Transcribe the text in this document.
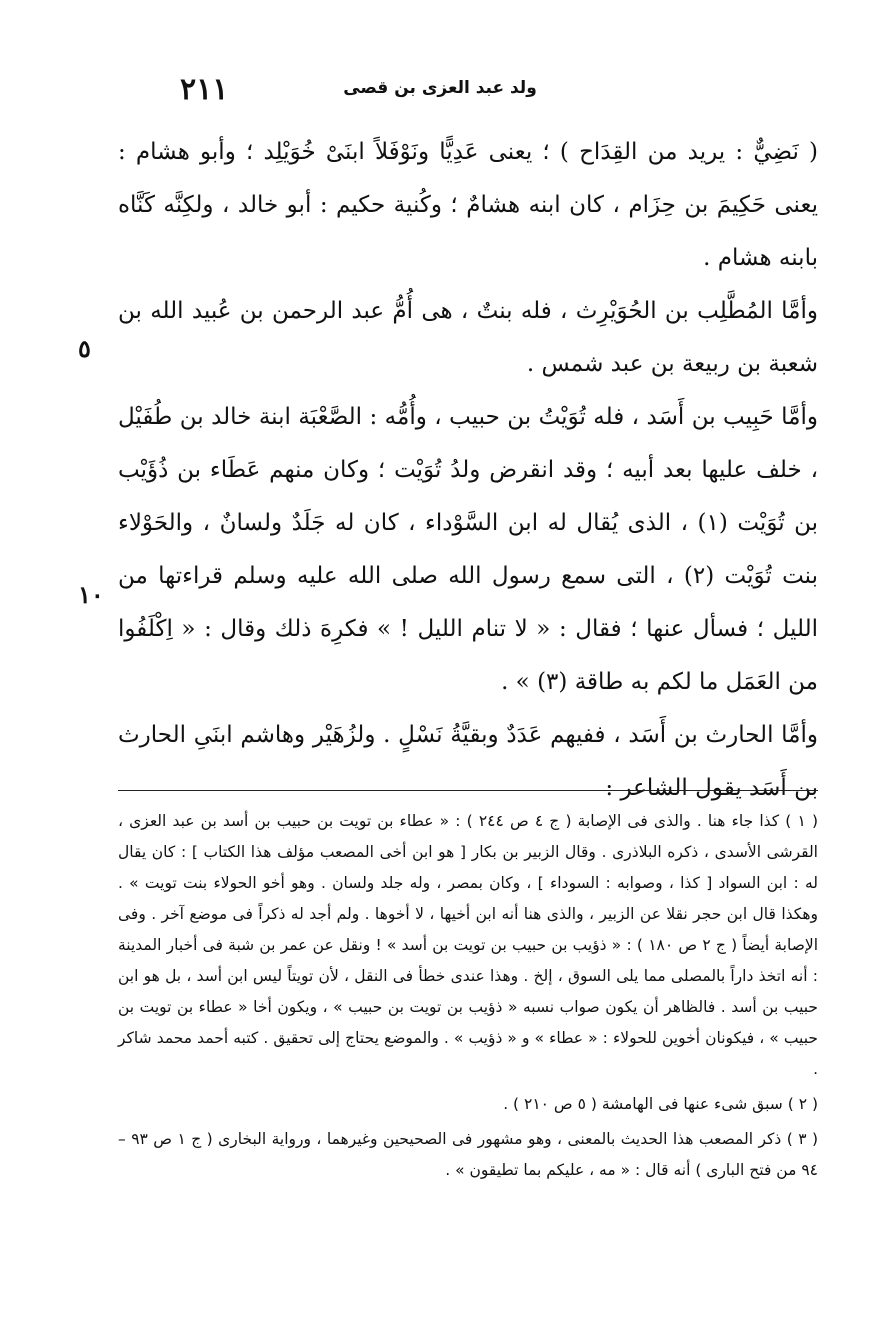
٢١١	ولد عبد العزى بن قصى

( نَضِيٌّ : يريد من القِدَاح ) ؛ يعنى عَدِيًّا ونَوْفَلاً ابنَىْ خُوَيْلِد ؛ وأبو هشام : يعنى حَكِيمَ بن حِزَام ، كان ابنه هشامٌ ؛ وكُنية حكيم : أبو خالد ، ولكِنَّه كَنَّاه بابنه هشام .

وأمَّا المُطَّلِب بن الحُوَيْرِث ، فله بنتٌ ، هى أُمُّ عبد الرحمن بن عُبيد الله بن شعبة بن ربيعة بن عبد شمس .

وأمَّا حَبِيب بن أَسَد ، فله تُوَيْتُ بن حبيب ، وأُمُّه : الصَّعْبَة ابنة خالد بن طُفَيْل ، خلف عليها بعد أبيه ؛ وقد انقرض ولدُ تُوَيْت ؛ وكان منهم عَطَاء بن ذُؤَيْب بن تُوَيْت (١) ، الذى يُقال له ابن السَّوْداء ، كان له جَلَدٌ ولسانٌ ، والحَوْلاء بنت تُوَيْت (٢) ، التى سمع رسول الله صلى الله عليه وسلم قراءتها من الليل ؛ فسأل عنها ؛ فقال : « لا تنام الليل ! » فكرِهَ ذلك وقال : « اِكْلَفُوا من العَمَل ما لكم به طاقة (٣) » .

وأمَّا الحارث بن أَسَد ، ففيهم عَدَدٌ وبقيَّةُ نَسْلٍ . ولزُهَيْر وهاشم ابنَىِ الحارث بن أَسَد يقول الشاعر :

٥
١٠

( ١ ) كذا جاء هنا . والذى فى الإصابة ( ج ٤ ص ٢٤٤ ) : « عطاء بن تويت بن حبيب بن أسد بن عبد العزى ، القرشى الأسدى ، ذكره البلاذرى . وقال الزبير بن بكار [ هو ابن أخى المصعب مؤلف هذا الكتاب ] : كان يقال له : ابن السواد [ كذا ، وصوابه : السوداء ] ، وكان بمصر ، وله جلد ولسان . وهو أخو الحولاء بنت تويت » . وهكذا قال ابن حجر نقلا عن الزبير ، والذى هنا أنه ابن أخيها ، لا أخوها . ولم أجد له ذكراً فى موضع آخر . وفى الإصابة أيضاً ( ج ٢ ص ١٨٠ ) : « ذؤيب بن حبيب بن تويت بن أسد » ! ونقل عن عمر بن شبة فى أخبار المدينة : أنه اتخذ داراً بالمصلى مما يلى السوق ، إلخ . وهذا عندى خطأ فى النقل ، لأن تويتاً ليس ابن أسد ، بل هو ابن حبيب بن أسد . فالظاهر أن يكون صواب نسبه « ذؤيب بن تويت بن حبيب » ، ويكون أخا « عطاء بن تويت بن حبيب » ، فيكونان أخوين للحولاء : « عطاء » و « ذؤيب » . والموضع يحتاج إلى تحقيق . كتبه أحمد محمد شاكر .

( ٢ ) سبق شىء عنها فى الهامشة ( ٥ ص ٢١٠ ) .

( ٣ ) ذكر المصعب هذا الحديث بالمعنى ، وهو مشهور فى الصحيحين وغيرهما ، ورواية البخارى ( ج ١ ص ٩٣ – ٩٤ من فتح البارى ) أنه قال : « مه ، عليكم بما تطيقون » .
